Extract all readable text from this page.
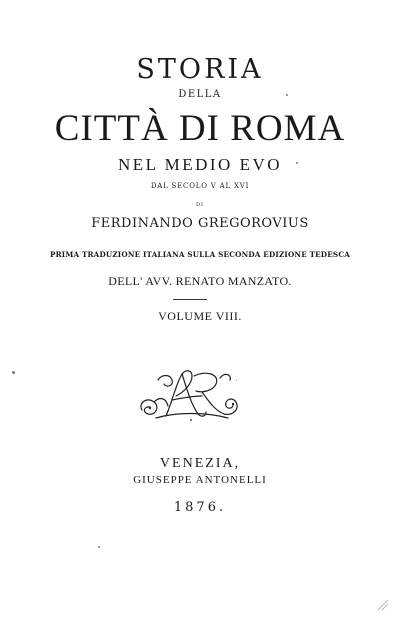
STORIA
DELLA
CITTÀ DI ROMA
NEL MEDIO EVO
DAL SECOLO V AL XVI
DI
FERDINANDO GREGOROVIUS
PRIMA TRADUZIONE ITALIANA SULLA SECONDA EDIZIONE TEDESCA
DELL' AVV. RENATO MANZATO.
VOLUME VIII.
VENEZIA,
GIUSEPPE ANTONELLI
1876.
